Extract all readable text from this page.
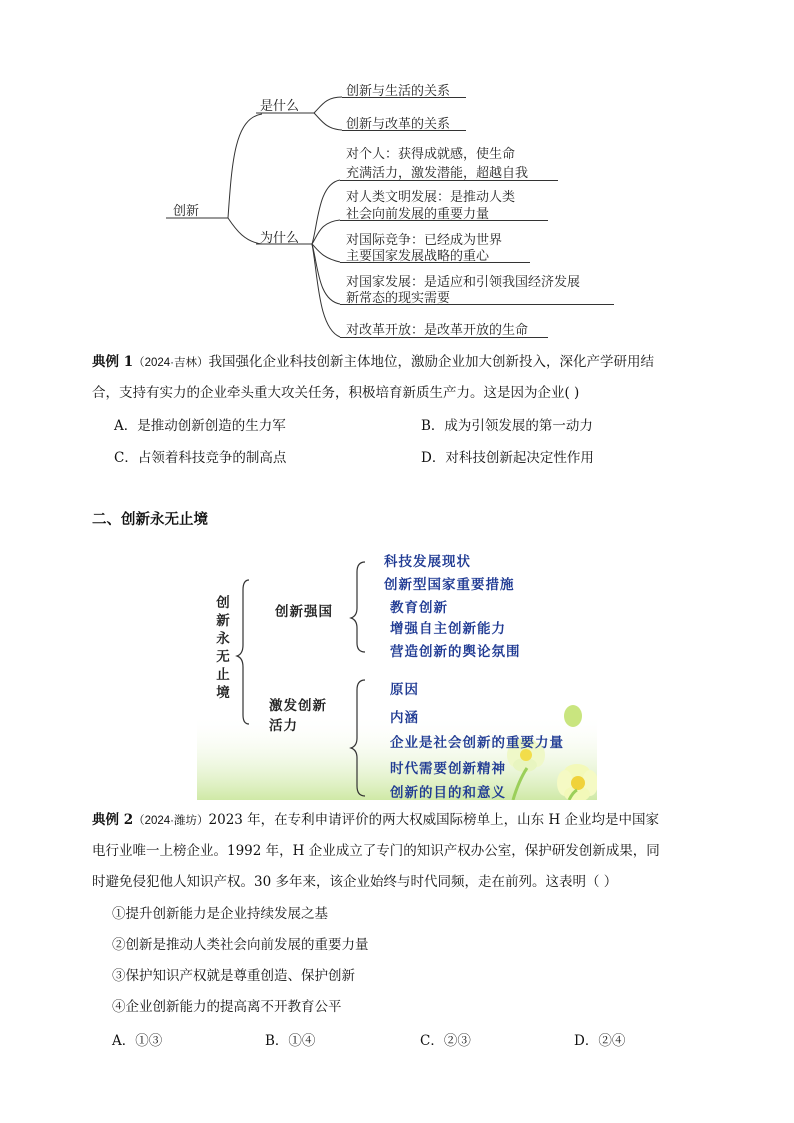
创新
是什么
为什么
创新与生活的关系
创新与改革的关系
对个人：获得成就感，使生命
充满活力，激发潜能，超越自我
对人类文明发展：是推动人类
社会向前发展的重要力量
对国际竞争：已经成为世界
主要国家发展战略的重心
对国家发展：是适应和引领我国经济发展
新常态的现实需要
对改革开放：是改革开放的生命
典例 1（2024·吉林）我国强化企业科技创新主体地位，激励企业加大创新投入，深化产学研用结
合，支持有实力的企业牵头重大攻关任务，积极培育新质生产力。这是因为企业( )
A．是推动创新创造的生力军	B．成为引领发展的第一动力
C．占领着科技竞争的制高点	D．对科技创新起决定性作用
二、创新永无止境
创
新
永
无
止
境
创新强国
激发创新
活力
科技发展现状
创新型国家重要措施
教育创新
增强自主创新能力
营造创新的舆论氛围
原因
内涵
企业是社会创新的重要力量
时代需要创新精神
创新的目的和意义
典例 2（2024·潍坊）2023 年，在专利申请评价的两大权威国际榜单上，山东 H 企业均是中国家
电行业唯一上榜企业。1992 年，H 企业成立了专门的知识产权办公室，保护研发创新成果，同
时避免侵犯他人知识产权。30 多年来，该企业始终与时代同频，走在前列。这表明（ ）
①提升创新能力是企业持续发展之基
②创新是推动人类社会向前发展的重要力量
③保护知识产权就是尊重创造、保护创新
④企业创新能力的提高离不开教育公平
A．①③	B．①④	C．②③	D．②④
